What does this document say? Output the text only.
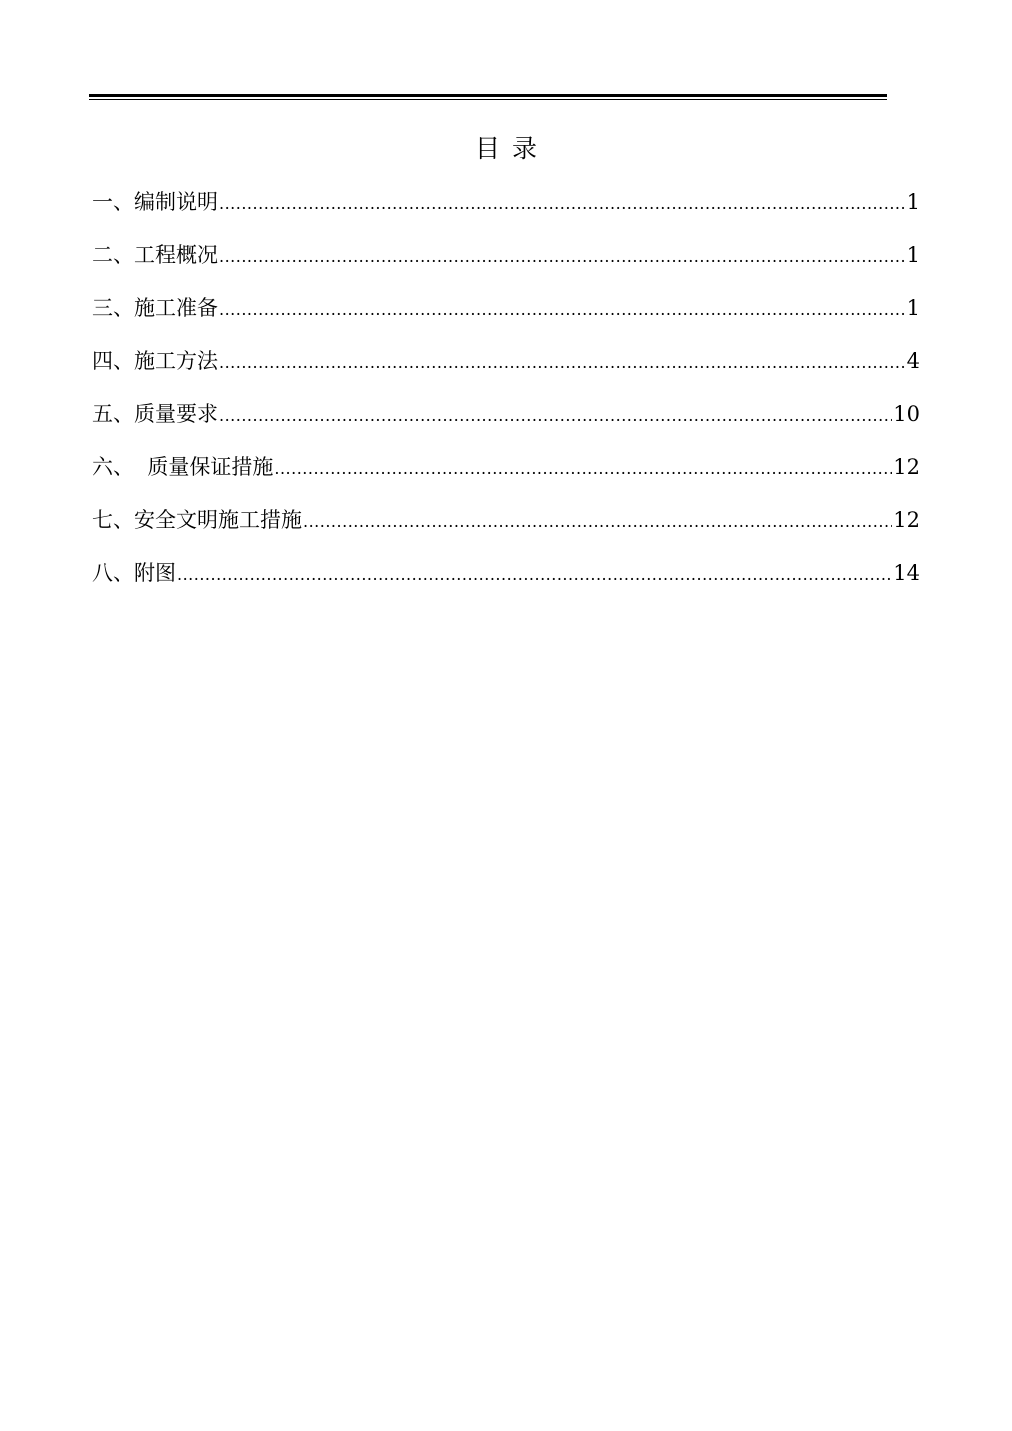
目录
一、 编制说明 .....	1
二、 工程概况 .....	1
三、 施工准备 .....	1
四、 施工方法 .....	4
五、 质量要求 .....	10
六、 质量保证措施 .....	12
七、 安全文明施工措施 .....	12
八、 附图 .....	14
